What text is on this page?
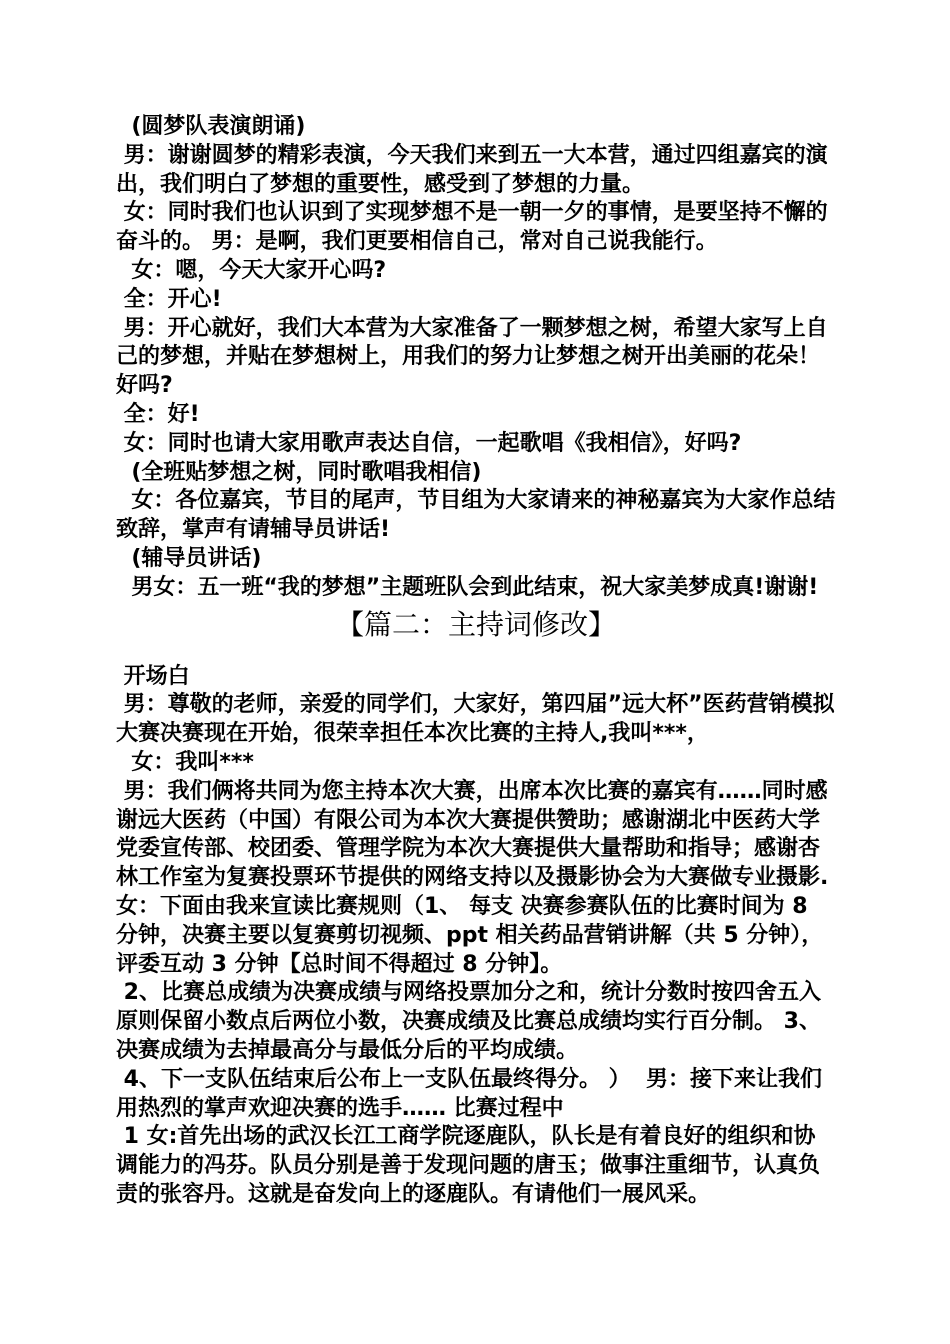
(圆梦队表演朗诵)

男：谢谢圆梦的精彩表演，今天我们来到五一大本营，通过四组嘉宾的演出，我们明白了梦想的重要性，感受到了梦想的力量。

女：同时我们也认识到了实现梦想不是一朝一夕的事情，是要坚持不懈的奋斗的。 男：是啊，我们更要相信自己，常对自己说我能行。

女：嗯，今天大家开心吗?

全：开心!

男：开心就好，我们大本营为大家准备了一颗梦想之树，希望大家写上自己的梦想，并贴在梦想树上，用我们的努力让梦想之树开出美丽的花朵！好吗?

全：好!

女：同时也请大家用歌声表达自信，一起歌唱《我相信》，好吗?

(全班贴梦想之树，同时歌唱我相信)

女：各位嘉宾，节目的尾声，节目组为大家请来的神秘嘉宾为大家作总结致辞，掌声有请辅导员讲话!

(辅导员讲话)

男女：五一班“我的梦想”主题班队会到此结束，祝大家美梦成真!谢谢!

【篇二：主持词修改】

开场白

男：尊敬的老师，亲爱的同学们，大家好，第四届”远大杯”医药营销模拟大赛决赛现在开始，很荣幸担任本次比赛的主持人,我叫***，

女：我叫***

男：我们俩将共同为您主持本次大赛，出席本次比赛的嘉宾有……同时感谢远大医药（中国）有限公司为本次大赛提供赞助；感谢湖北中医药大学党委宣传部、校团委、管理学院为本次大赛提供大量帮助和指导；感谢杏林工作室为复赛投票环节提供的网络支持以及摄影协会为大赛做专业摄影. 女：下面由我来宣读比赛规则（1、 每支 决赛参赛队伍的比赛时间为 8 分钟，决赛主要以复赛剪切视频、ppt 相关药品营销讲解（共 5 分钟），评委互动 3 分钟【总时间不得超过 8 分钟】。

2、比赛总成绩为决赛成绩与网络投票加分之和，统计分数时按四舍五入原则保留小数点后两位小数，决赛成绩及比赛总成绩均实行百分制。 3、决赛成绩为去掉最高分与最低分后的平均成绩。

4、下一支队伍结束后公布上一支队伍最终得分。 ）  男：接下来让我们用热烈的掌声欢迎决赛的选手…… 比赛过程中

1 女:首先出场的武汉长江工商学院逐鹿队，队长是有着良好的组织和协调能力的冯芬。队员分别是善于发现问题的唐玉；做事注重细节，认真负责的张容丹。这就是奋发向上的逐鹿队。有请他们一展风采。
